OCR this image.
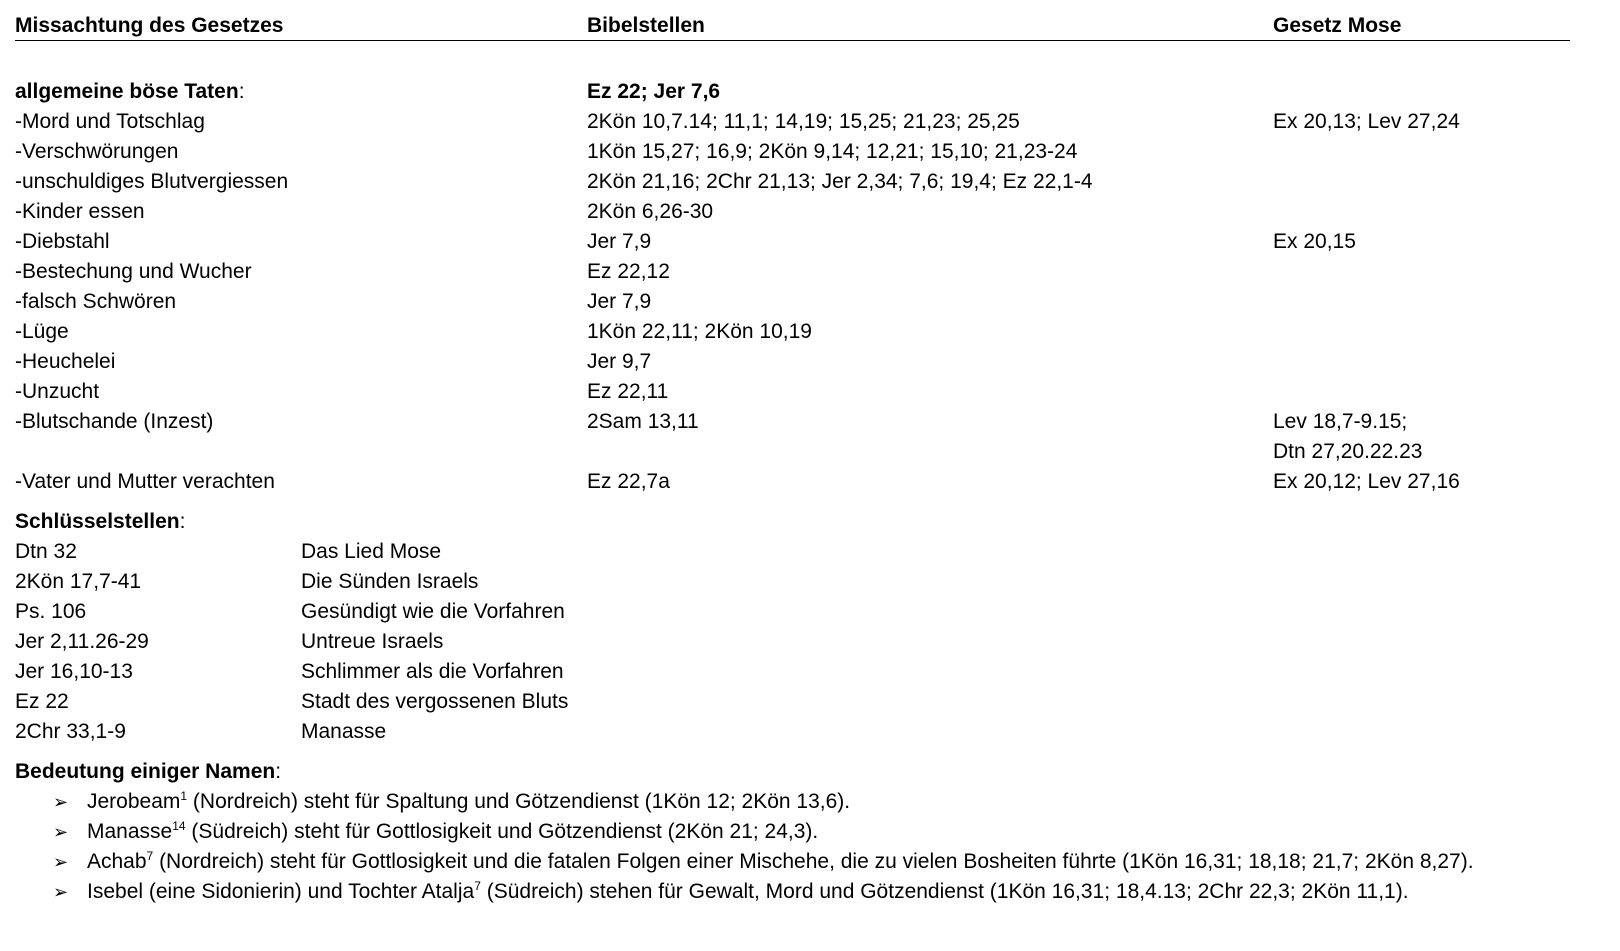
Missachtung des Gesetzes	Bibelstellen	Gesetz Mose
allgemeine böse Taten:	Ez 22; Jer 7,6
-Mord und Totschlag	2Kön 10,7.14; 11,1; 14,19; 15,25; 21,23; 25,25	Ex 20,13; Lev 27,24
-Verschwörungen	1Kön 15,27; 16,9; 2Kön 9,14; 12,21; 15,10; 21,23-24
-unschuldiges Blutvergiessen	2Kön 21,16; 2Chr 21,13; Jer 2,34; 7,6; 19,4; Ez 22,1-4
-Kinder essen	2Kön 6,26-30
-Diebstahl	Jer 7,9	Ex 20,15
-Bestechung und Wucher	Ez 22,12
-falsch Schwören	Jer 7,9
-Lüge	1Kön 22,11; 2Kön 10,19
-Heuchelei	Jer 9,7
-Unzucht	Ez 22,11
-Blutschande (Inzest)	2Sam 13,11	Lev 18,7-9.15;
Dtn 27,20.22.23
-Vater und Mutter verachten	Ez 22,7a	Ex 20,12; Lev 27,16
Schlüsselstellen:
Dtn 32	Das Lied Mose
2Kön 17,7-41	Die Sünden Israels
Ps. 106	Gesündigt wie die Vorfahren
Jer 2,11.26-29	Untreue Israels
Jer 16,10-13	Schlimmer als die Vorfahren
Ez 22	Stadt des vergossenen Bluts
2Chr 33,1-9	Manasse
Bedeutung einiger Namen:
➢ Jerobeam$^1$ (Nordreich) steht für Spaltung und Götzendienst (1Kön 12; 2Kön 13,6).
➢ Manasse$^{14}$ (Südreich) steht für Gottlosigkeit und Götzendienst (2Kön 21; 24,3).
➢ Achab$^7$ (Nordreich) steht für Gottlosigkeit und die fatalen Folgen einer Mischehe, die zu vielen Bosheiten führte (1Kön 16,31; 18,18; 21,7; 2Kön 8,27).
➢ Isebel (eine Sidonierin) und Tochter Atalja$^7$ (Südreich) stehen für Gewalt, Mord und Götzendienst (1Kön 16,31; 18,4.13; 2Chr 22,3; 2Kön 11,1).
